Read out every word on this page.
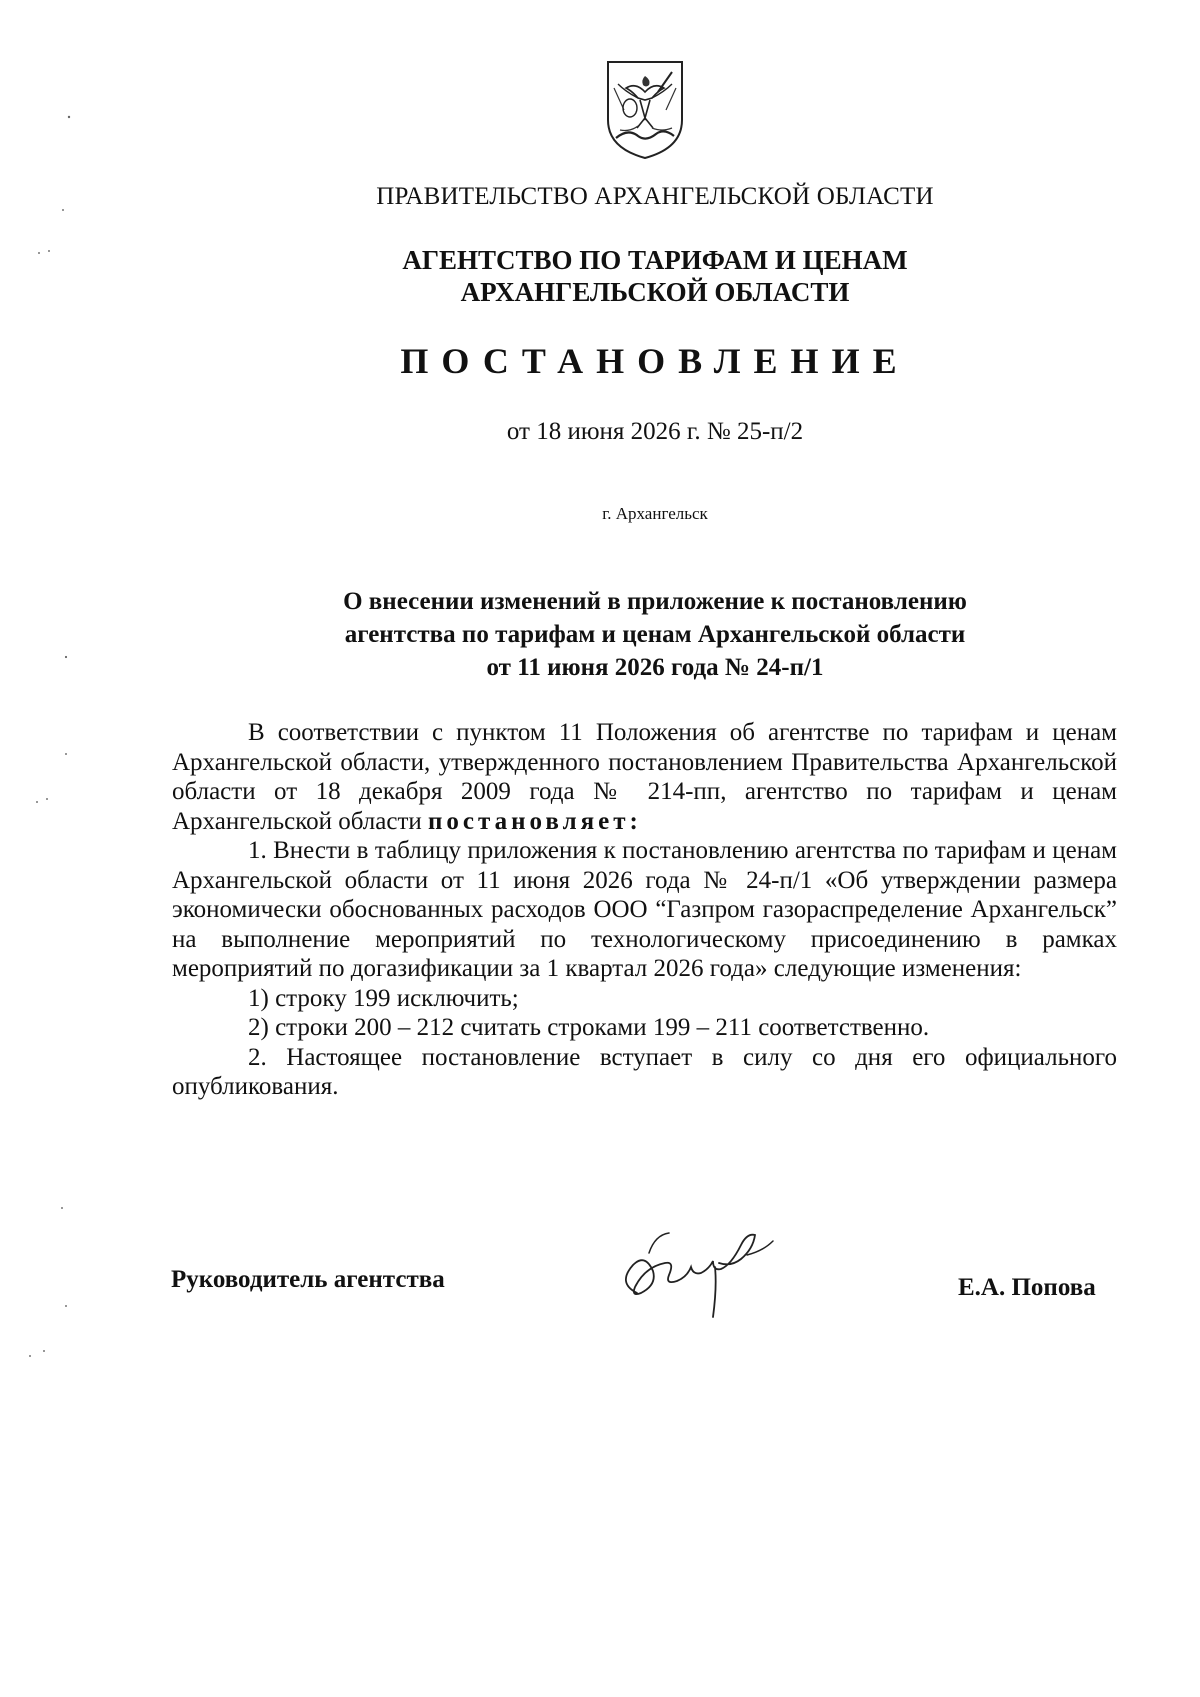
ПРАВИТЕЛЬСТВО АРХАНГЕЛЬСКОЙ ОБЛАСТИ
АГЕНТСТВО ПО ТАРИФАМ И ЦЕНАМ
АРХАНГЕЛЬСКОЙ ОБЛАСТИ
ПОСТАНОВЛЕНИЕ
от 18 июня 2026 г. № 25-п/2
г. Архангельск
О внесении изменений в приложение к постановлению
агентства по тарифам и ценам Архангельской области
от 11 июня 2026 года № 24-п/1

В соответствии с пунктом 11 Положения об агентстве по тарифам и ценам Архангельской области, утвержденного постановлением Правительства Архангельской области от 18 декабря 2009 года № 214-пп, агентство по тарифам и ценам Архангельской области постановляет:

1. Внести в таблицу приложения к постановлению агентства по тарифам и ценам Архангельской области от 11 июня 2026 года № 24-п/1 «Об утверждении размера экономически обоснованных расходов ООО “Газпром газораспределение Архангельск” на выполнение мероприятий по технологическому присоединению в рамках мероприятий по догазификации за 1 квартал 2026 года» следующие изменения:

1) строку 199 исключить;

2) строки 200 – 212 считать строками 199 – 211 соответственно.

2. Настоящее постановление вступает в силу со дня его официального опубликования.

Руководитель агентства	Е.А. Попова
